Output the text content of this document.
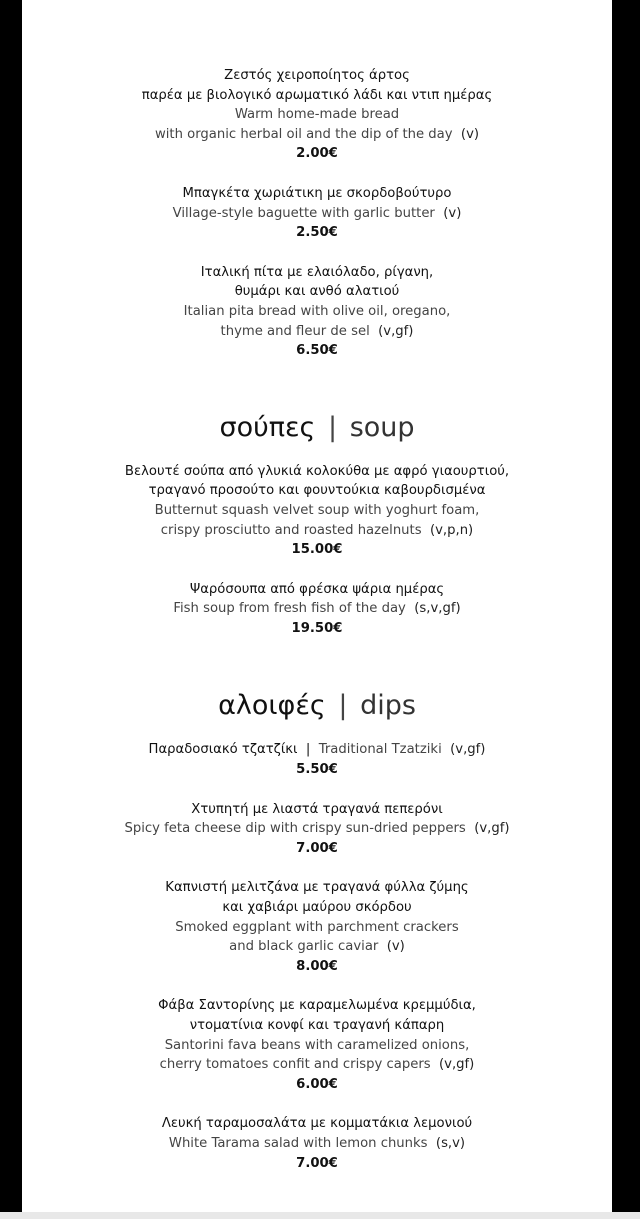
Ζεστός χειροποίητος άρτος
παρέα με βιολογικό αρωματικό λάδι και ντιπ ημέρας
Warm home-made bread
with organic herbal oil and the dip of the day (v)
2.00€
Μπαγκέτα χωριάτικη με σκορδοβούτυρο
Village-style baguette with garlic butter (v)
2.50€
Ιταλική πίτα με ελαιόλαδο, ρίγανη,
θυμάρι και ανθό αλατιού
Italian pita bread with olive oil, oregano,
thyme and fleur de sel (v,gf)
6.50€
σούπες | soup
Βελουτέ σούπα από γλυκιά κολοκύθα με αφρό γιαουρτιού,
τραγανό προσούτο και φουντούκια καβουρδισμένα
Butternut squash velvet soup with yoghurt foam,
crispy prosciutto and roasted hazelnuts (v,p,n)
15.00€
Ψαρόσουπα από φρέσκα ψάρια ημέρας
Fish soup from fresh fish of the day (s,v,gf)
19.50€
αλοιφές | dips
Παραδοσιακό τζατζίκι | Traditional Tzatziki (v,gf)
5.50€
Χτυπητή με λιαστά τραγανά πεπερόνι
Spicy feta cheese dip with crispy sun-dried peppers (v,gf)
7.00€
Καπνιστή μελιτζάνα με τραγανά φύλλα ζύμης
και χαβιάρι μαύρου σκόρδου
Smoked eggplant with parchment crackers
and black garlic caviar (v)
8.00€
Φάβα Σαντορίνης με καραμελωμένα κρεμμύδια,
ντοματίνια κονφί και τραγανή κάπαρη
Santorini fava beans with caramelized onions,
cherry tomatoes confit and crispy capers (v,gf)
6.00€
Λευκή ταραμοσαλάτα με κομματάκια λεμονιού
White Tarama salad with lemon chunks (s,v)
7.00€
